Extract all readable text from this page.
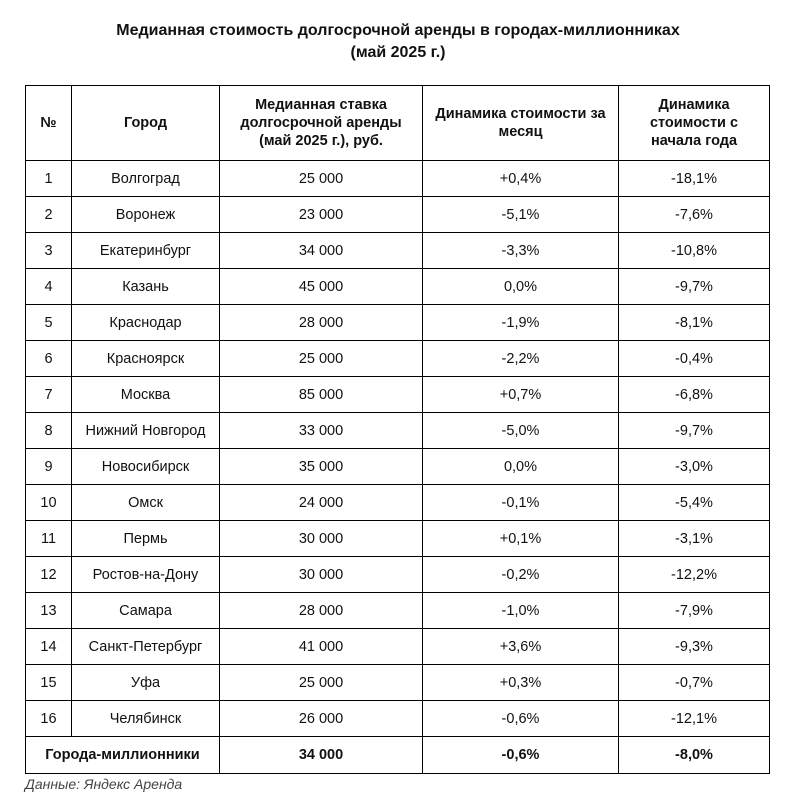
Медианная стоимость долгосрочной аренды в городах-миллионниках
(май 2025 г.)
№	Город	Медианная ставка долгосрочной аренды (май 2025 г.), руб.	Динамика стоимости за месяц	Динамика стоимости с начала года
1	Волгоград	25 000	+0,4%	-18,1%
2	Воронеж	23 000	-5,1%	-7,6%
3	Екатеринбург	34 000	-3,3%	-10,8%
4	Казань	45 000	0,0%	-9,7%
5	Краснодар	28 000	-1,9%	-8,1%
6	Красноярск	25 000	-2,2%	-0,4%
7	Москва	85 000	+0,7%	-6,8%
8	Нижний Новгород	33 000	-5,0%	-9,7%
9	Новосибирск	35 000	0,0%	-3,0%
10	Омск	24 000	-0,1%	-5,4%
11	Пермь	30 000	+0,1%	-3,1%
12	Ростов-на-Дону	30 000	-0,2%	-12,2%
13	Самара	28 000	-1,0%	-7,9%
14	Санкт-Петербург	41 000	+3,6%	-9,3%
15	Уфа	25 000	+0,3%	-0,7%
16	Челябинск	26 000	-0,6%	-12,1%
Города-миллионники		34 000	-0,6%	-8,0%
Данные: Яндекс Аренда
